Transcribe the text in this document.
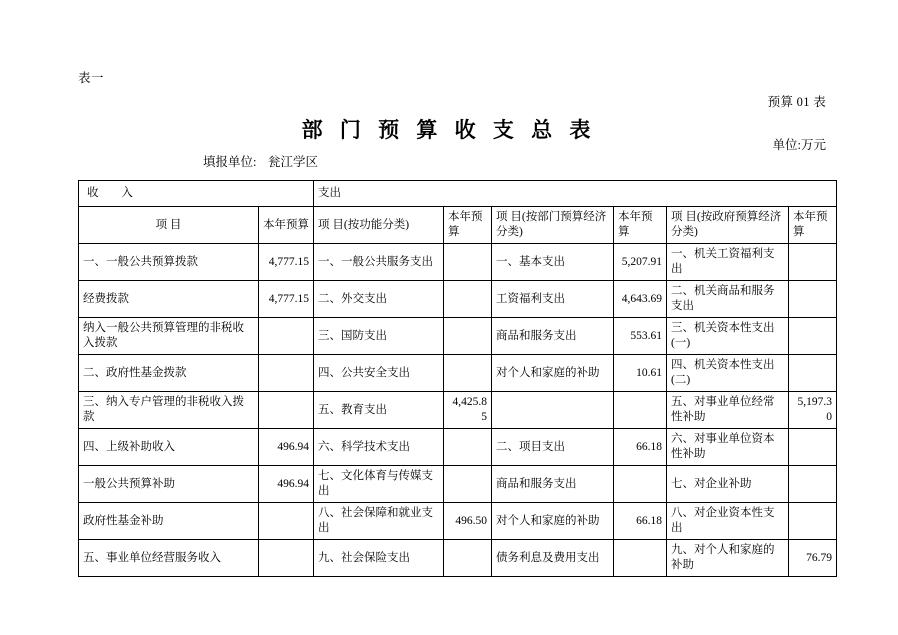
表一
预算 01 表
部 门 预 算 收 支 总 表
填报单位: 瓮江学区
单位:万元
收 入		支出					
项 目	本年预算	项 目(按功能分类)	本年预算	项 目(按部门预算经济分类)	本年预算	项 目(按政府预算经济分类)	本年预算
一、一般公共预算拨款	4,777.15	一、一般公共服务支出		一、基本支出	5,207.91	一、机关工资福利支出	
经费拨款	4,777.15	二、外交支出		工资福利支出	4,643.69	二、机关商品和服务支出	
纳入一般公共预算管理的非税收入拨款		三、国防支出		商品和服务支出	553.61	三、机关资本性支出(一)	
二、政府性基金拨款		四、公共安全支出		对个人和家庭的补助	10.61	四、机关资本性支出(二)	
三、纳入专户管理的非税收入拨款		五、教育支出	4,425.85			五、对事业单位经常性补助	5,197.30
四、上级补助收入	496.94	六、科学技术支出		二、项目支出	66.18	六、对事业单位资本性补助	
一般公共预算补助	496.94	七、文化体育与传媒支出		商品和服务支出		七、对企业补助	
政府性基金补助		八、社会保障和就业支出	496.50	对个人和家庭的补助	66.18	八、对企业资本性支出	
五、事业单位经营服务收入		九、社会保险支出		债务利息及费用支出		九、对个人和家庭的补助	76.79
